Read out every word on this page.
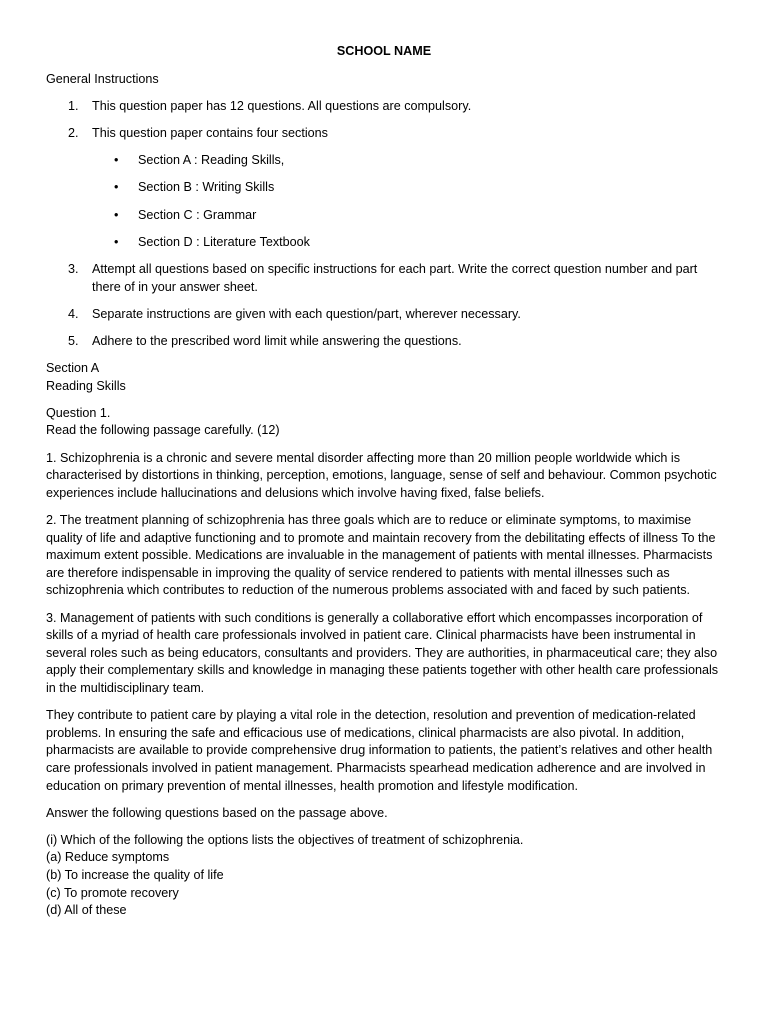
SCHOOL NAME

General Instructions

1. This question paper has 12 questions. All questions are compulsory.
2. This question paper contains four sections
• Section A : Reading Skills,
• Section B : Writing Skills
• Section C : Grammar
• Section D : Literature Textbook
3. Attempt all questions based on specific instructions for each part. Write the correct question number and part there of in your answer sheet.
4. Separate instructions are given with each question/part, wherever necessary.
5. Adhere to the prescribed word limit while answering the questions.
Section A
Reading Skills
Question 1.
Read the following passage carefully. (12)

1. Schizophrenia is a chronic and severe mental disorder affecting more than 20 million people worldwide which is characterised by distortions in thinking, perception, emotions, language, sense of self and behaviour. Common psychotic experiences include hallucinations and delusions which involve having fixed, false beliefs.

2. The treatment planning of schizophrenia has three goals which are to reduce or eliminate symptoms, to maximise quality of life and adaptive functioning and to promote and maintain recovery from the debilitating effects of illness To the maximum extent possible. Medications are invaluable in the management of patients with mental illnesses. Pharmacists are therefore indispensable in improving the quality of service rendered to patients with mental illnesses such as schizophrenia which contributes to reduction of the numerous problems associated with and faced by such patients.

3. Management of patients with such conditions is generally a collaborative effort which encompasses incorporation of skills of a myriad of health care professionals involved in patient care. Clinical pharmacists have been instrumental in several roles such as being educators, consultants and providers. They are authorities, in pharmaceutical care; they also apply their complementary skills and knowledge in managing these patients together with other health care professionals in the multidisciplinary team.

They contribute to patient care by playing a vital role in the detection, resolution and prevention of medication-related problems. In ensuring the safe and efficacious use of medications, clinical pharmacists are also pivotal. In addition, pharmacists are available to provide comprehensive drug information to patients, the patient’s relatives and other health care professionals involved in patient management. Pharmacists spearhead medication adherence and are involved in education on primary prevention of mental illnesses, health promotion and lifestyle modification.

Answer the following questions based on the passage above.

(i) Which of the following the options lists the objectives of treatment of schizophrenia.
(a) Reduce symptoms
(b) To increase the quality of life
(c) To promote recovery
(d) All of these
